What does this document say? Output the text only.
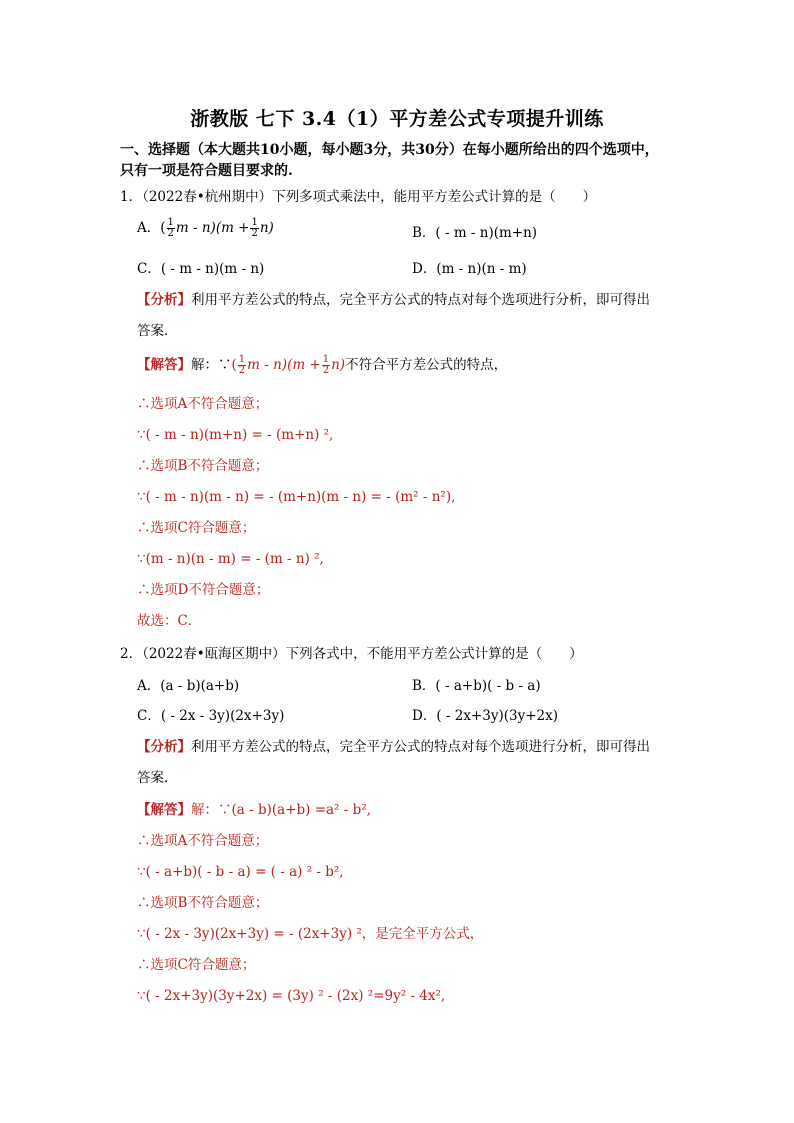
浙教版 七下 3.4（1）平方差公式专项提升训练
一、选择题（本大题共10小题，每小题3分，共30分）在每小题所给出的四个选项中，
只有一项是符合题目要求的.
1．（2022春•杭州期中）下列多项式乘法中，能用平方差公式计算的是（　　）
A．( $\frac{1}{2}$ $m - n)(m + \frac{1}{2} n)$	B．( - m - n)(m+n)
C．( - m - n)(m - n)	D．(m - n)(n - m)
【分析】利用平方差公式的特点，完全平方公式的特点对每个选项进行分析，即可得出
答案．
【解答】解：∵( $\frac{1}{2}$ $m - n)(m + \frac{1}{2} n)$不符合平方差公式的特点，
∴选项A不符合题意；
∵( - m - n)(m+n) = - (m+n) ²,
∴选项B不符合题意；
∵( - m - n)(m - n) = - (m+n)(m - n) = - (m² - n²),
∴选项C符合题意；
∵(m - n)(n - m) = - (m - n) ²,
∴选项D不符合题意；
故选：C．
2．（2022春•瓯海区期中）下列各式中，不能用平方差公式计算的是（　　）
A．(a - b)(a+b)	B．( - a+b)( - b - a)
C．( - 2x - 3y)(2x+3y)	D．( - 2x+3y)(3y+2x)
【分析】利用平方差公式的特点，完全平方公式的特点对每个选项进行分析，即可得出
答案．
【解答】解：∵(a - b)(a+b) =a² - b²,
∴选项A不符合题意；
∵( - a+b)( - b - a) = ( - a) ² - b²,
∴选项B不符合题意；
∵( - 2x - 3y)(2x+3y) = - (2x+3y) ²，是完全平方公式，
∴选项C符合题意；
∵( - 2x+3y)(3y+2x) = (3y) ² - (2x) ²=9y² - 4x²,
